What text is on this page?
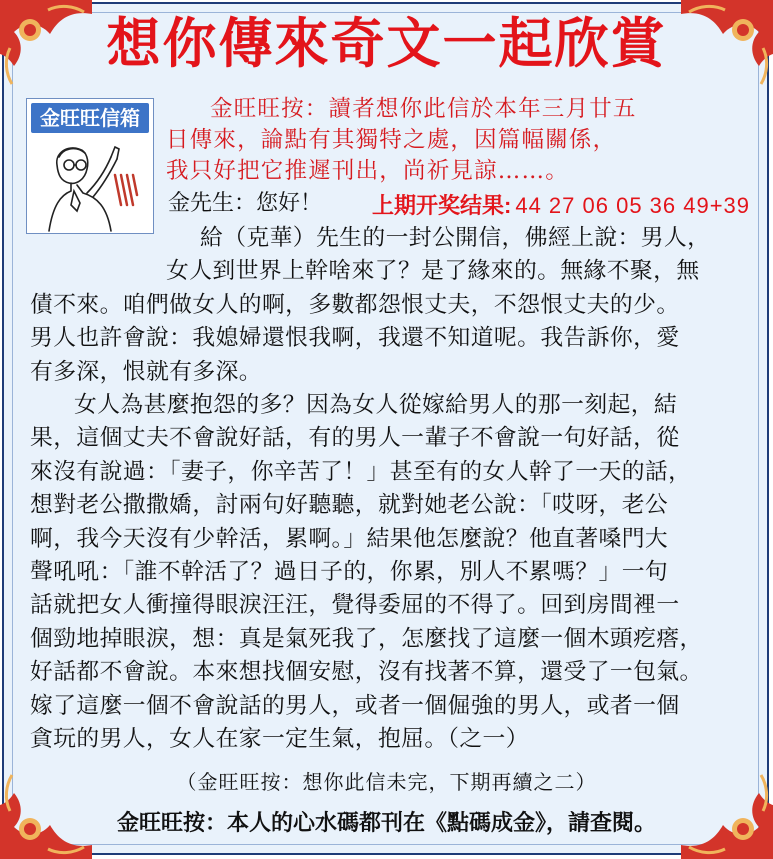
想你傳來奇文一起欣賞
金旺旺信箱	金旺旺按：讀者想你此信於本年三月廿五
日傳來，論點有其獨特之處，因篇幅關係，
我只好把它推遲刊出，尚祈見諒……。
金先生：您好！ 上期开奖结果: 44 27 06 05 36 49+39
給（克華）先生的一封公開信，佛經上說：男人，
女人到世界上幹啥來了？是了緣來的。無緣不聚，無
債不來。咱們做女人的啊，多數都怨恨丈夫，不怨恨丈夫的少。
男人也許會說：我媳婦還恨我啊，我還不知道呢。我告訴你，愛
有多深，恨就有多深。
女人為甚麼抱怨的多？因為女人從嫁給男人的那一刻起，結
果，這個丈夫不會說好話，有的男人一輩子不會說一句好話，從
來沒有說過：「妻子，你辛苦了！」甚至有的女人幹了一天的話，
想對老公撒撒嬌，討兩句好聽聽，就對她老公說：「哎呀，老公
啊，我今天沒有少幹活，累啊。」結果他怎麼說？他直著嗓門大
聲吼吼：「誰不幹活了？過日子的，你累，別人不累嗎？」一句
話就把女人衝撞得眼淚汪汪，覺得委屈的不得了。回到房間裡一
個勁地掉眼淚，想：真是氣死我了，怎麼找了這麼一個木頭疙瘩，
好話都不會說。本來想找個安慰，沒有找著不算，還受了一包氣。
嫁了這麼一個不會說話的男人，或者一個倔強的男人，或者一個
貪玩的男人，女人在家一定生氣，抱屈。（之一）
（金旺旺按：想你此信未完，下期再續之二）
金旺旺按：本人的心水碼都刊在《點碼成金》，請查閱。
